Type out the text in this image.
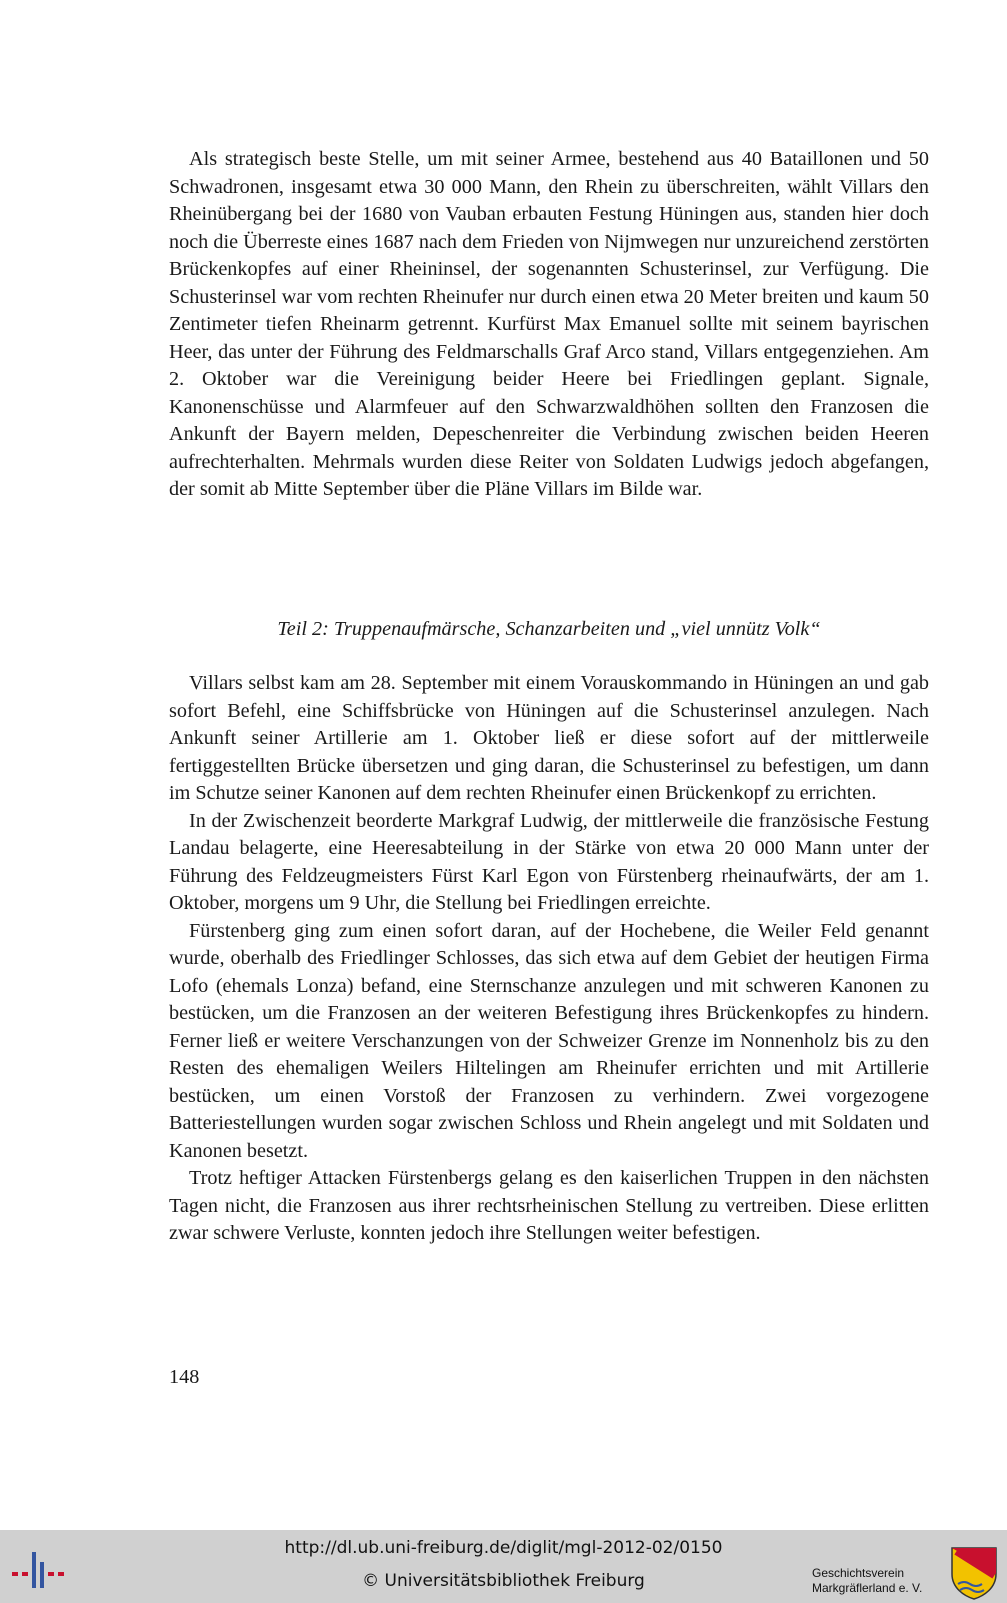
Als strategisch beste Stelle, um mit seiner Armee, bestehend aus 40 Bataillonen und 50 Schwadronen, insgesamt etwa 30 000 Mann, den Rhein zu überschreiten, wählt Villars den Rheinübergang bei der 1680 von Vauban erbauten Festung Hüningen aus, standen hier doch noch die Überreste eines 1687 nach dem Frieden von Nijmwegen nur unzureichend zerstörten Brückenkopfes auf einer Rheininsel, der sogenannten Schusterinsel, zur Verfügung. Die Schusterinsel war vom rechten Rheinufer nur durch einen etwa 20 Meter breiten und kaum 50 Zentimeter tiefen Rheinarm getrennt. Kurfürst Max Emanuel sollte mit seinem bayrischen Heer, das unter der Führung des Feldmarschalls Graf Arco stand, Villars entgegenziehen. Am 2. Oktober war die Vereinigung beider Heere bei Friedlingen geplant. Signale, Kanonenschüsse und Alarmfeuer auf den Schwarzwaldhöhen sollten den Franzosen die Ankunft der Bayern melden, Depeschenreiter die Verbindung zwischen beiden Heeren aufrechterhalten. Mehrmals wurden diese Reiter von Soldaten Ludwigs jedoch abgefangen, der somit ab Mitte September über die Pläne Villars im Bilde war.

Teil 2: Truppenaufmärsche, Schanzarbeiten und „viel unnütz Volk“

Villars selbst kam am 28. September mit einem Vorauskommando in Hüningen an und gab sofort Befehl, eine Schiffsbrücke von Hüningen auf die Schusterinsel anzulegen. Nach Ankunft seiner Artillerie am 1. Oktober ließ er diese sofort auf der mittlerweile fertiggestellten Brücke übersetzen und ging daran, die Schusterinsel zu befestigen, um dann im Schutze seiner Kanonen auf dem rechten Rheinufer einen Brückenkopf zu errichten.

In der Zwischenzeit beorderte Markgraf Ludwig, der mittlerweile die französische Festung Landau belagerte, eine Heeresabteilung in der Stärke von etwa 20 000 Mann unter der Führung des Feldzeugmeisters Fürst Karl Egon von Fürstenberg rheinaufwärts, der am 1. Oktober, morgens um 9 Uhr, die Stellung bei Friedlingen erreichte.

Fürstenberg ging zum einen sofort daran, auf der Hochebene, die Weiler Feld genannt wurde, oberhalb des Friedlinger Schlosses, das sich etwa auf dem Gebiet der heutigen Firma Lofo (ehemals Lonza) befand, eine Sternschanze anzulegen und mit schweren Kanonen zu bestücken, um die Franzosen an der weiteren Befestigung ihres Brückenkopfes zu hindern. Ferner ließ er weitere Verschanzungen von der Schweizer Grenze im Nonnenholz bis zu den Resten des ehemaligen Weilers Hiltelingen am Rheinufer errichten und mit Artillerie bestücken, um einen Vorstoß der Franzosen zu verhindern. Zwei vorgezogene Batteriestellungen wurden sogar zwischen Schloss und Rhein angelegt und mit Soldaten und Kanonen besetzt.

Trotz heftiger Attacken Fürstenbergs gelang es den kaiserlichen Truppen in den nächsten Tagen nicht, die Franzosen aus ihrer rechtsrheinischen Stellung zu vertreiben. Diese erlitten zwar schwere Verluste, konnten jedoch ihre Stellungen weiter befestigen.

148
http://dl.ub.uni-freiburg.de/diglit/mgl-2012-02/0150
© Universitätsbibliothek Freiburg	Geschichtsverein
Markgräflerland e. V.
